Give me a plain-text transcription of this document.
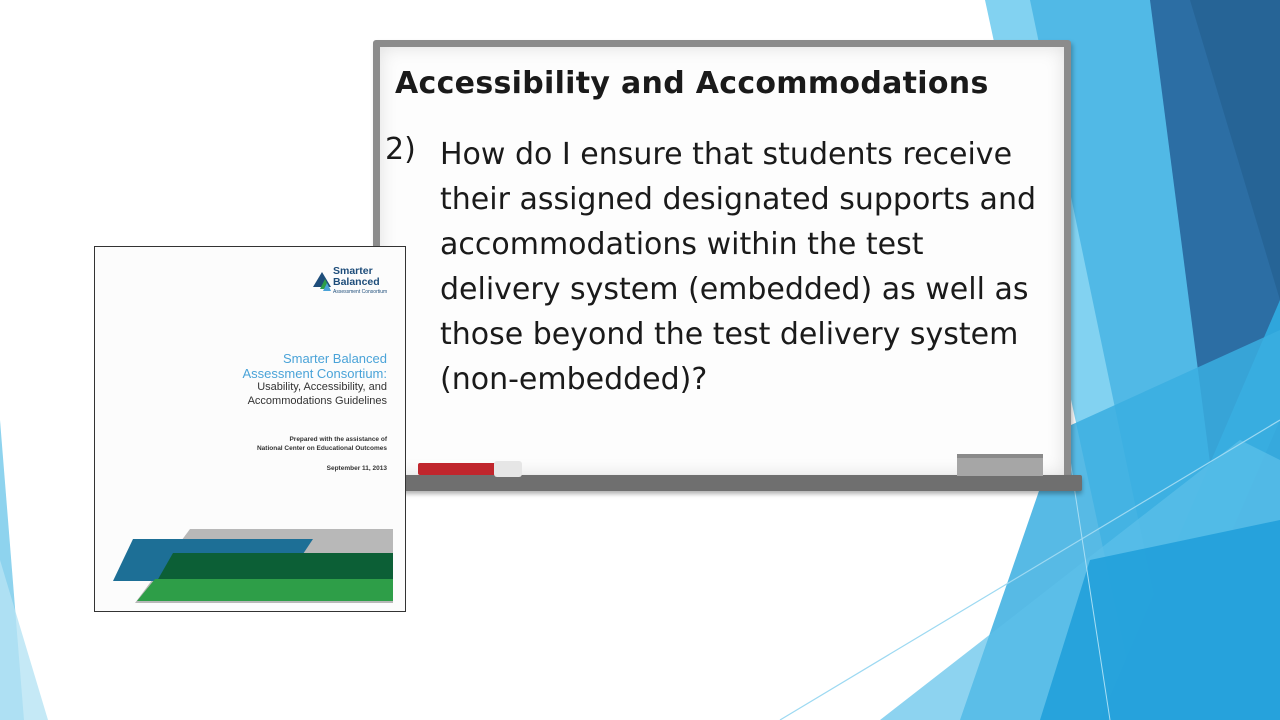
Accessibility and Accommodations
2) How do I ensure that students receive their assigned designated supports and accommodations within the test delivery system (embedded) as well as those beyond the test delivery system (non-embedded)?

Smarter
Balanced
Assessment Consortium
Smarter Balanced
Assessment Consortium:
Usability, Accessibility, and
Accommodations Guidelines
Prepared with the assistance of
National Center on Educational Outcomes
September 11, 2013
